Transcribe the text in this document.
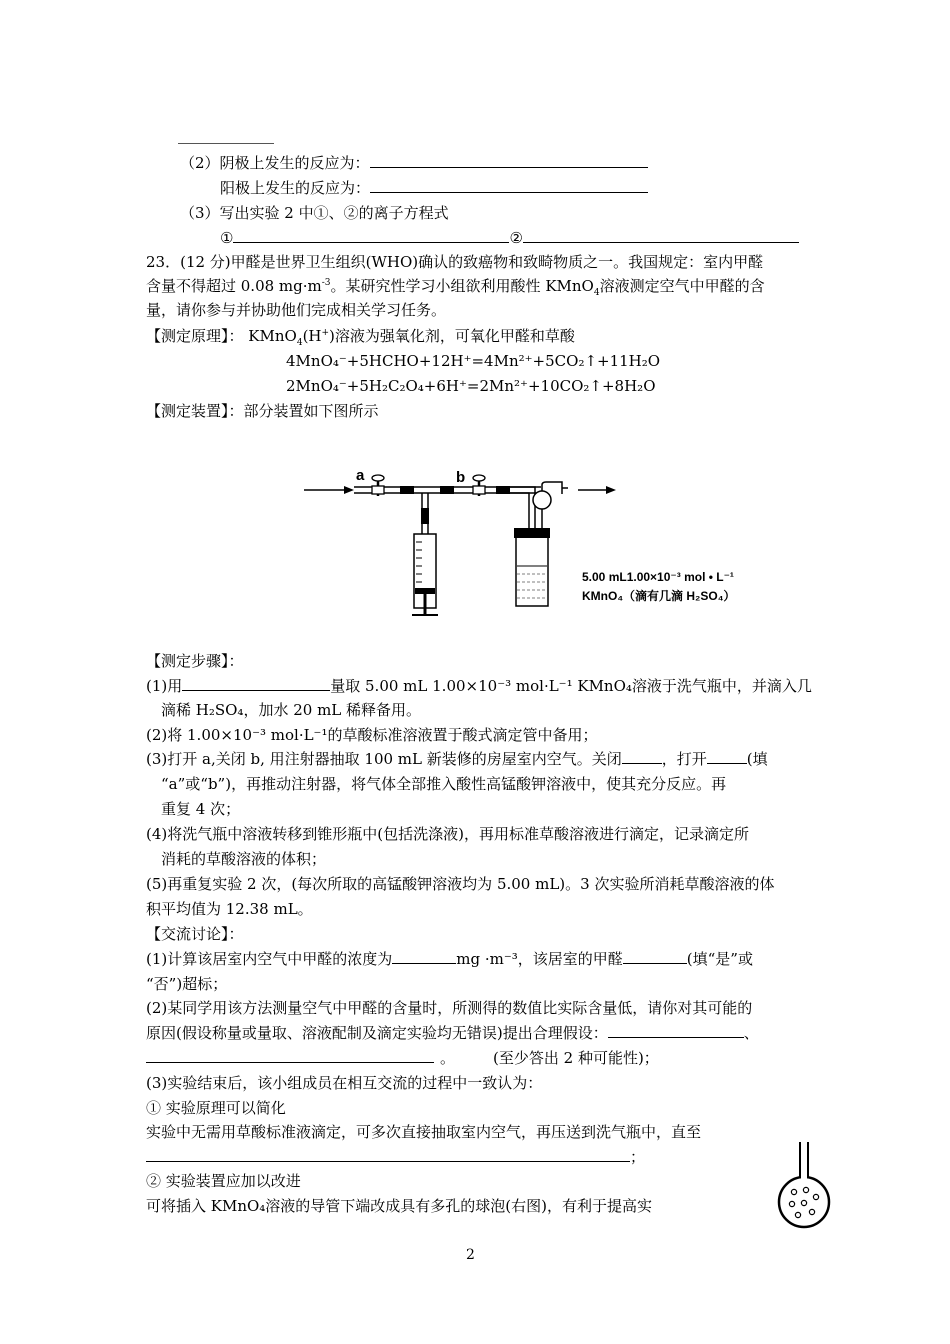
（2）阴极上发生的反应为：
阳极上发生的反应为：
（3）写出实验 2 中①、②的离子方程式
①	②
23．(12 分)甲醛是世界卫生组织(WHO)确认的致癌物和致畸物质之一。我国规定：室内甲醛
含量不得超过 0.08 $mg\cdot m^{-3}$。某研究性学习小组欲利用酸性 KMnO$_4$溶液测定空气中甲醛的含
量，请你参与并协助他们完成相关学习任务。
【测定原理】： KMnO$_4$(H+)溶液为强氧化剂，可氧化甲醛和草酸
4MnO₄⁻+5HCHO+12H⁺=4Mn²⁺+5CO₂↑+11H₂O
2MnO₄⁻+5H₂C₂O₄+6H⁺=2Mn²⁺+10CO₂↑+8H₂O
【测定装置】：部分装置如下图所示
a	b
5.00 mL1.00×10⁻³ mol • L⁻¹
KMnO₄（滴有几滴 H₂SO₄）
【测定步骤】：
(1)用	量取 5.00 mL 1.00×10⁻³ mol·L⁻¹ KMnO₄溶液于洗气瓶中，并滴入几
滴稀 H₂SO₄，加水 20 mL 稀释备用。
(2)将 1.00×10⁻³ mol·L⁻¹的草酸标准溶液置于酸式滴定管中备用；
(3)打开 a,关闭 b, 用注射器抽取 100 mL 新装修的房屋室内空气。关闭	，打开	(填
“a”或“b”)，再推动注射器，将气体全部推入酸性高锰酸钾溶液中，使其充分反应。再
重复 4 次；
(4)将洗气瓶中溶液转移到锥形瓶中(包括洗涤液)，再用标准草酸溶液进行滴定，记录滴定所
消耗的草酸溶液的体积；
(5)再重复实验 2 次，(每次所取的高锰酸钾溶液均为 5.00 mL)。3 次实验所消耗草酸溶液的体
积平均值为 12.38 mL。
【交流讨论】：
(1)计算该居室内空气中甲醛的浓度为	mg ·m⁻³，该居室的甲醛	(填“是”或
“否”)超标；
(2)某同学用该方法测量空气中甲醛的含量时，所测得的数值比实际含量低，请你对其可能的
原因(假设称量或量取、溶液配制及滴定实验均无错误)提出合理假设：	、
。	(至少答出 2 种可能性)；
(3)实验结束后，该小组成员在相互交流的过程中一致认为：
① 实验原理可以简化
实验中无需用草酸标准液滴定，可多次直接抽取室内空气，再压送到洗气瓶中，直至
；
② 实验装置应加以改进
可将插入 KMnO₄溶液的导管下端改成具有多孔的球泡(右图)，有利于提高实
2
